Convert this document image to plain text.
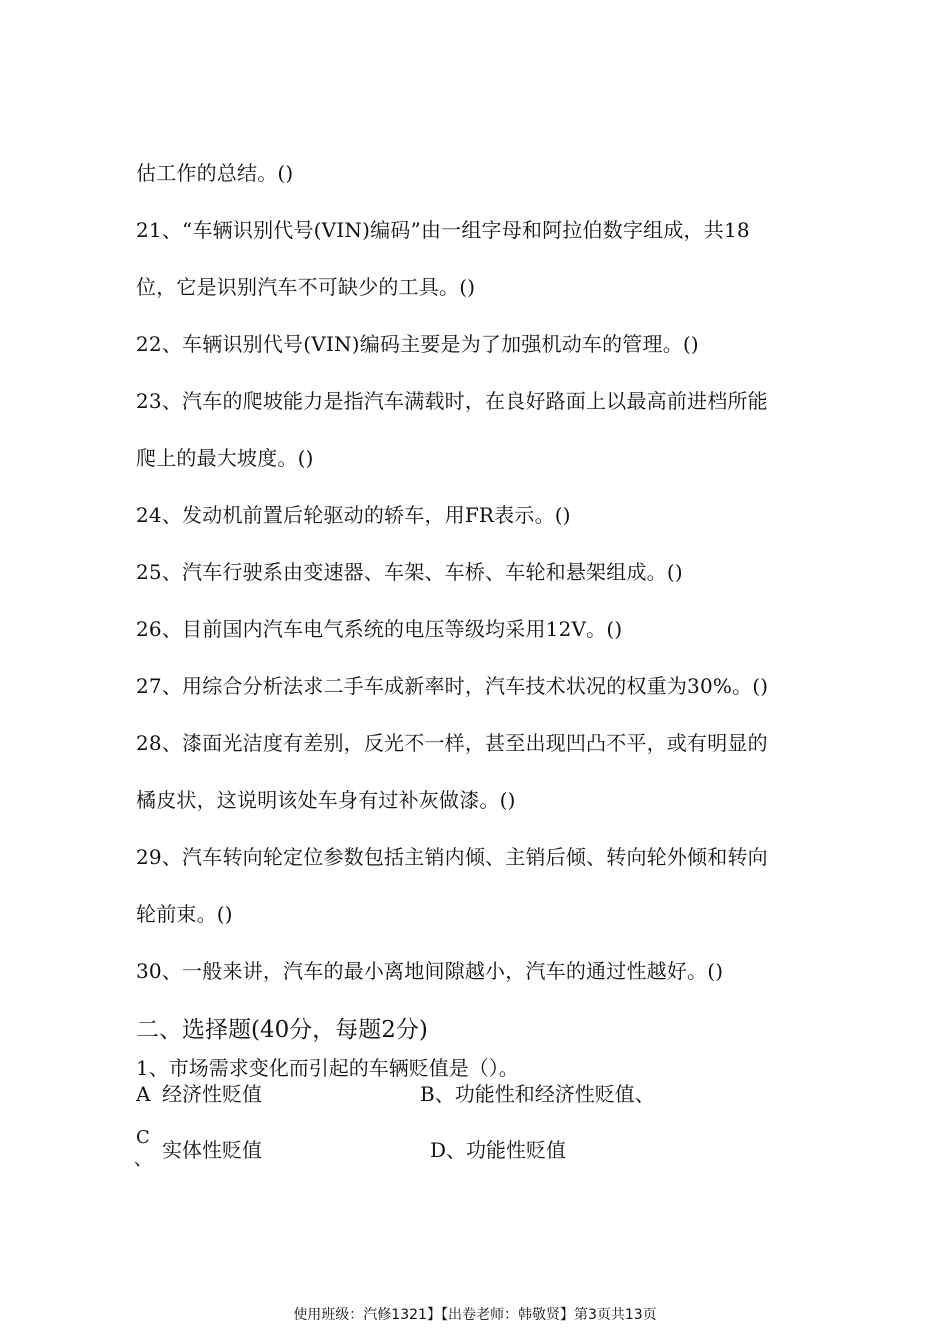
估工作的总结。()
21、“车辆识别代号(VIN)编码”由一组字母和阿拉伯数字组成，共18
位，它是识别汽车不可缺少的工具。()
22、车辆识别代号(VIN)编码主要是为了加强机动车的管理。()
23、汽车的爬坡能力是指汽车满载时，在良好路面上以最高前进档所能
爬上的最大坡度。()
24、发动机前置后轮驱动的轿车，用FR表示。()
25、汽车行驶系由变速器、车架、车桥、车轮和悬架组成。()
26、目前国内汽车电气系统的电压等级均采用12V。()
27、用综合分析法求二手车成新率时，汽车技术状况的权重为30%。()
28、漆面光洁度有差别，反光不一样，甚至出现凹凸不平，或有明显的
橘皮状，这说明该处车身有过补灰做漆。()
29、汽车转向轮定位参数包括主销内倾、主销后倾、转向轮外倾和转向
轮前束。()
30、一般来讲，汽车的最小离地间隙越小，汽车的通过性越好。()
二、选择题(40分，每题2分)
1、市场需求变化而引起的车辆贬值是（）。
A 经济性贬值	B、功能性和经济性贬值、
C
、 实体性贬值	D、功能性贬值
使用班级：汽修1321】【出卷老师：韩敬贤】第3页共13页
